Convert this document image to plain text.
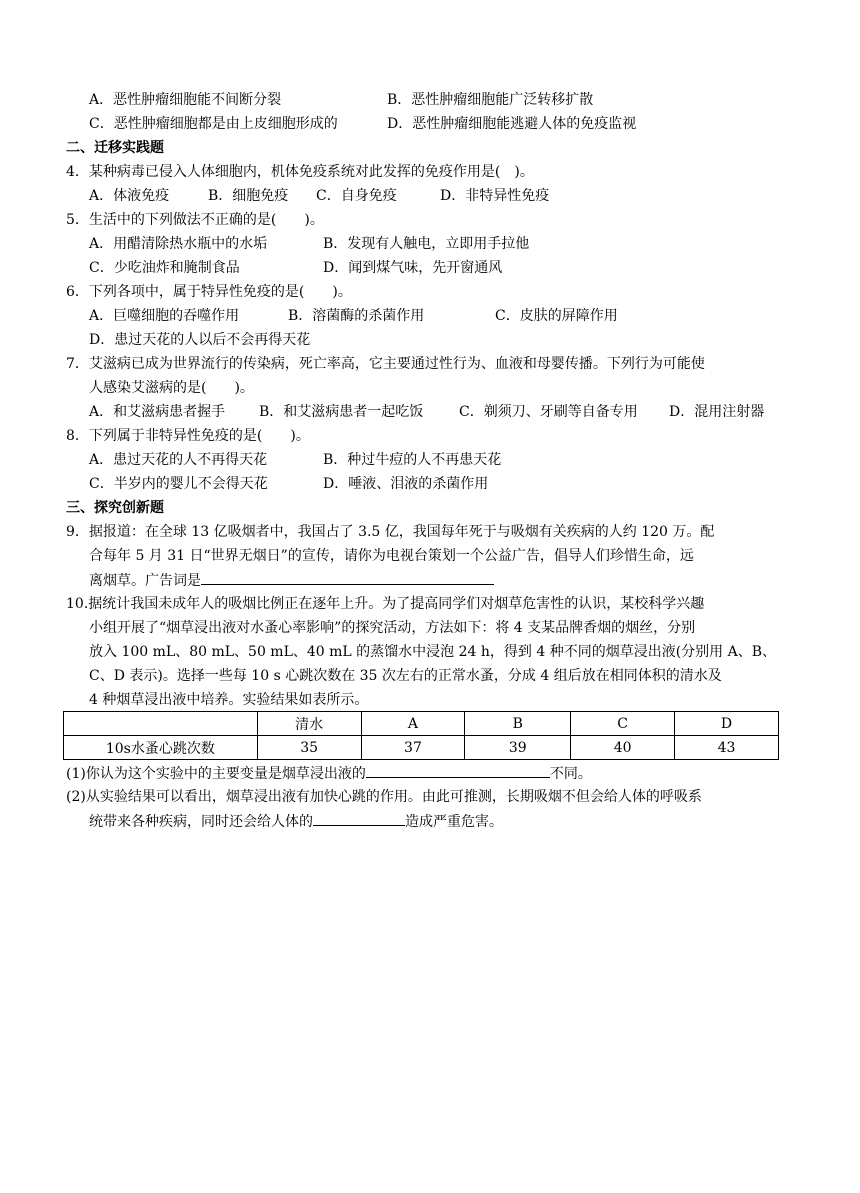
A．恶性肿瘤细胞能不间断分裂	B．恶性肿瘤细胞能广泛转移扩散
C．恶性肿瘤细胞都是由上皮细胞形成的	D．恶性肿瘤细胞能逃避人体的免疫监视
二、迁移实践题
4．某种病毒已侵入人体细胞内，机体免疫系统对此发挥的免疫作用是(　)。
A．体液免疫	B．细胞免疫 C．自身免疫	D．非特异性免疫
5．生活中的下列做法不正确的是(　　)。
A．用醋清除热水瓶中的水垢	B．发现有人触电，立即用手拉他
C．少吃油炸和腌制食品	D．闻到煤气味，先开窗通风
6．下列各项中，属于特异性免疫的是(　　)。
A．巨噬细胞的吞噬作用	B．溶菌酶的杀菌作用	C．皮肤的屏障作用
D．患过天花的人以后不会再得天花
7．艾滋病已成为世界流行的传染病，死亡率高，它主要通过性行为、血液和母婴传播。下列行为可能使
人感染艾滋病的是(　　)。
A．和艾滋病患者握手 B．和艾滋病患者一起吃饭	C．剃须刀、牙刷等自备专用 D．混用注射器
8．下列属于非特异性免疫的是(　　)。
A．患过天花的人不再得天花	B．种过牛痘的人不再患天花
C．半岁内的婴儿不会得天花	D．唾液、泪液的杀菌作用
三、探究创新题
9．据报道：在全球 13 亿吸烟者中，我国占了 3.5 亿，我国每年死于与吸烟有关疾病的人约 120 万。配
合每年 5 月 31 日“世界无烟日”的宣传，请你为电视台策划一个公益广告，倡导人们珍惜生命，远
离烟草。广告词是
10.据统计我国未成年人的吸烟比例正在逐年上升。为了提高同学们对烟草危害性的认识，某校科学兴趣
小组开展了“烟草浸出液对水蚤心率影响”的探究活动，方法如下：将 4 支某品牌香烟的烟丝，分别
放入 100 mL、80 mL、50 mL、40 mL 的蒸馏水中浸泡 24 h，得到 4 种不同的烟草浸出液(分别用 A、B、
C、D 表示)。选择一些每 10 s 心跳次数在 35 次左右的正常水蚤，分成 4 组后放在相同体积的清水及
4 种烟草浸出液中培养。实验结果如表所示。
	清水	A	B	C	D
10s水蚤心跳次数	35	37	39	40	43
(1)你认为这个实验中的主要变量是烟草浸出液的	不同。
(2)从实验结果可以看出，烟草浸出液有加快心跳的作用。由此可推测，长期吸烟不但会给人体的呼吸系
统带来各种疾病，同时还会给人体的	造成严重危害。
